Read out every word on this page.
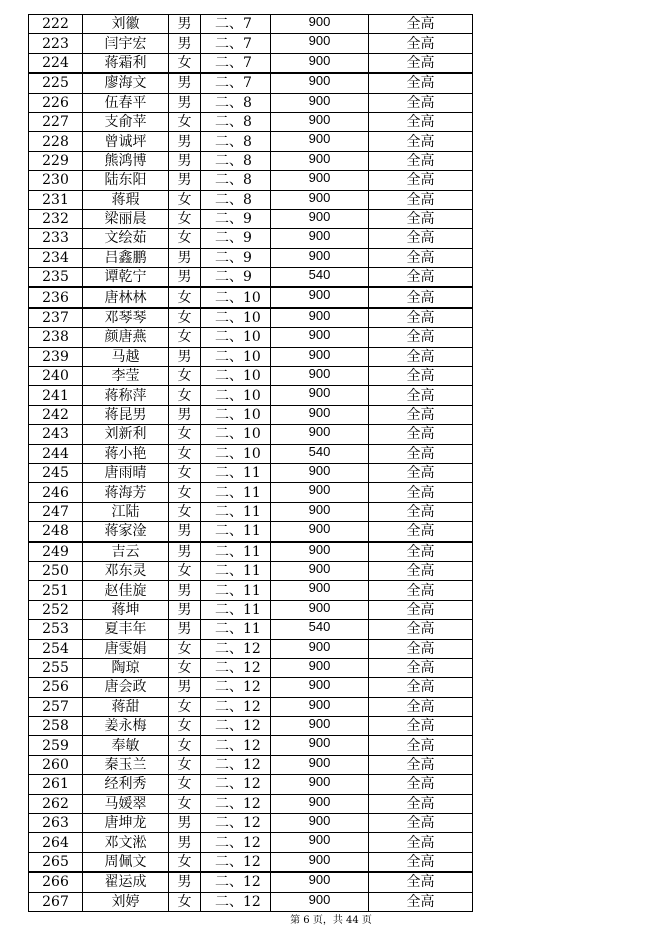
222	刘徽	男	二、7	900	全高
223	闫宇宏	男	二、7	900	全高
224	蒋霜利	女	二、7	900	全高
225	廖海文	男	二、7	900	全高
226	伍春平	男	二、8	900	全高
227	支俞苹	女	二、8	900	全高
228	曾诚坪	男	二、8	900	全高
229	熊鸿博	男	二、8	900	全高
230	陆东阳	男	二、8	900	全高
231	蒋瑕	女	二、8	900	全高
232	梁丽晨	女	二、9	900	全高
233	文绘茹	女	二、9	900	全高
234	吕鑫鹏	男	二、9	900	全高
235	谭乾宁	男	二、9	540	全高
236	唐林林	女	二、10	900	全高
237	邓琴琴	女	二、10	900	全高
238	颜唐燕	女	二、10	900	全高
239	马越	男	二、10	900	全高
240	李莹	女	二、10	900	全高
241	蒋称萍	女	二、10	900	全高
242	蒋昆男	男	二、10	900	全高
243	刘新利	女	二、10	900	全高
244	蒋小艳	女	二、10	540	全高
245	唐雨晴	女	二、11	900	全高
246	蒋海芳	女	二、11	900	全高
247	江陆	女	二、11	900	全高
248	蒋家淦	男	二、11	900	全高
249	吉云	男	二、11	900	全高
250	邓东灵	女	二、11	900	全高
251	赵佳旋	男	二、11	900	全高
252	蒋坤	男	二、11	900	全高
253	夏丰年	男	二、11	540	全高
254	唐雯娟	女	二、12	900	全高
255	陶琼	女	二、12	900	全高
256	唐会政	男	二、12	900	全高
257	蒋甜	女	二、12	900	全高
258	姜永梅	女	二、12	900	全高
259	奉敏	女	二、12	900	全高
260	秦玉兰	女	二、12	900	全高
261	经利秀	女	二、12	900	全高
262	马媛翠	女	二、12	900	全高
263	唐坤龙	男	二、12	900	全高
264	邓文淞	男	二、12	900	全高
265	周佩文	女	二、12	900	全高
266	翟运成	男	二、12	900	全高
267	刘婷	女	二、12	900	全高
第 6 页，共 44 页
